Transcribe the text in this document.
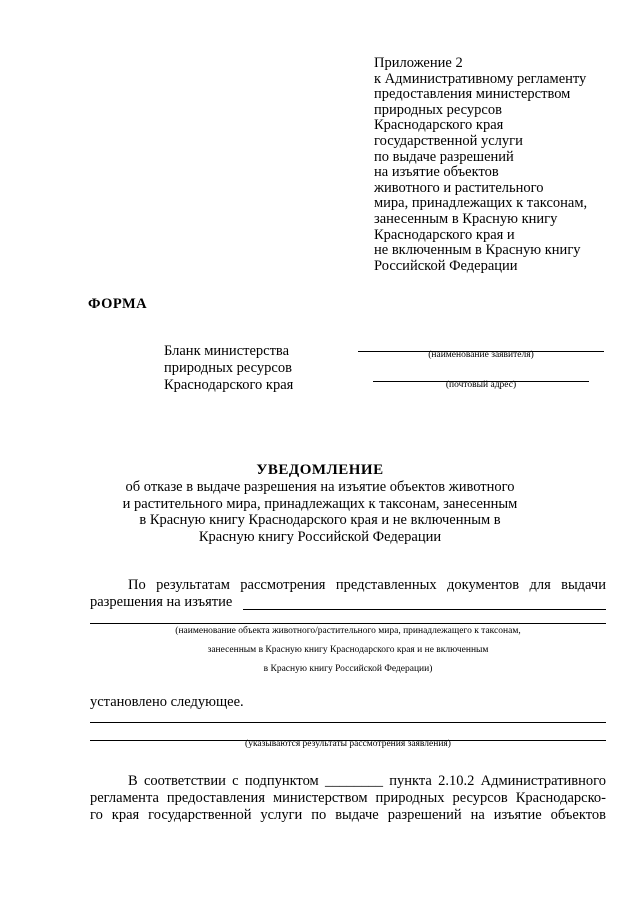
Приложение 2
к Административному регламенту
предоставления министерством
природных ресурсов
Краснодарского края
государственной услуги
по выдаче разрешений
на изъятие объектов
животного и растительного
мира, принадлежащих к таксонам,
занесенным в Красную книгу
Краснодарского края и
не включенным в Красную книгу
Российской Федерации
ФОРМА
Бланк министерства
природных ресурсов
Краснодарского края
(наименование заявителя)
(почтовый адрес)
УВЕДОМЛЕНИЕ
об отказе в выдаче разрешения на изъятие объектов животного
и растительного мира, принадлежащих к таксонам, занесенным
в Красную книгу Краснодарского края и не включенным в
Красную книгу Российской Федерации
По результатам рассмотрения представленных документов для выдачи
разрешения на изъятие
(наименование объекта животного/растительного мира, принадлежащего к таксонам,
занесенным в Красную книгу Краснодарского края и не включенным
в Красную книгу Российской Федерации)
установлено следующее.
(указываются результаты рассмотрения заявления)
В соответствии с подпунктом ________ пункта 2.10.2 Административного
регламента предоставления министерством природных ресурсов Краснодарско-
го края государственной услуги по выдаче разрешений на изъятие объектов
